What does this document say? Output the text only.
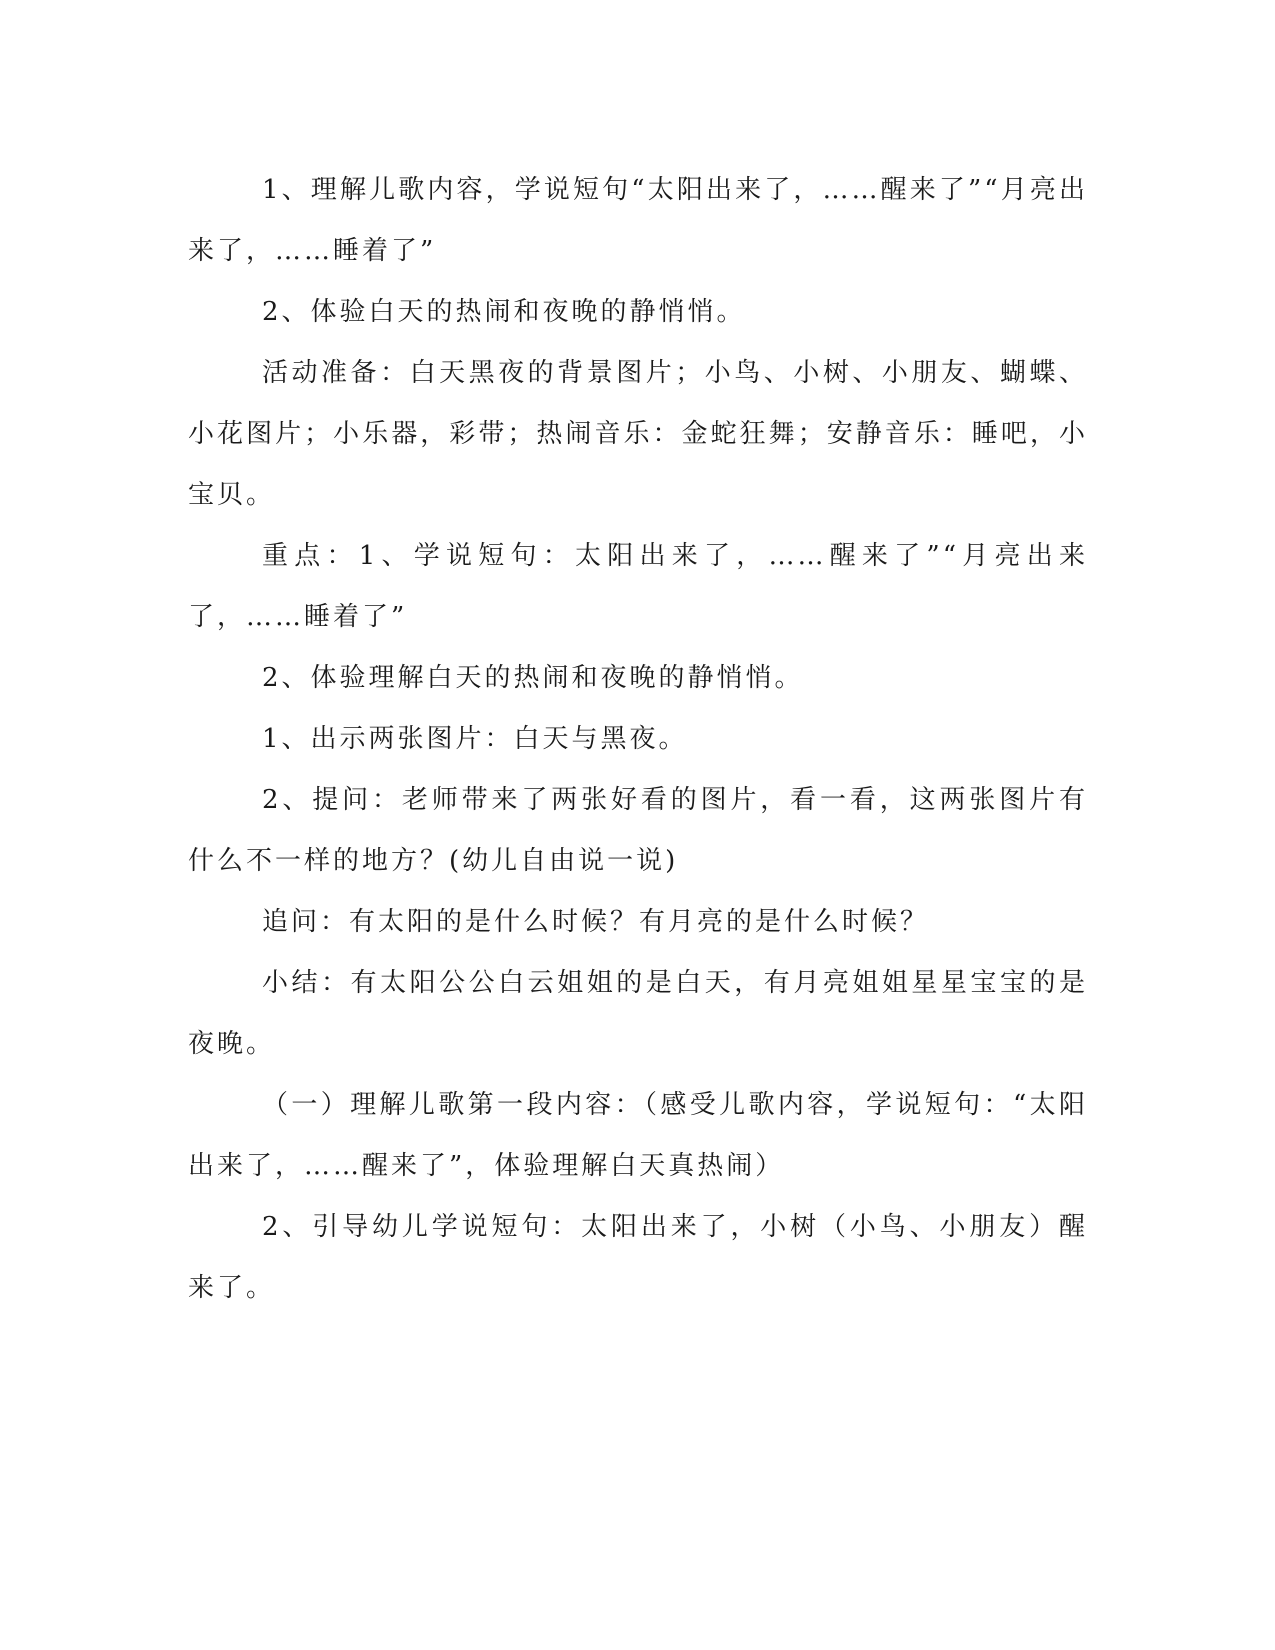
1、理解儿歌内容，学说短句“太阳出来了，……醒来了”“月亮出来了，……睡着了”

2、体验白天的热闹和夜晚的静悄悄。

活动准备：白天黑夜的背景图片；小鸟、小树、小朋友、蝴蝶、小花图片；小乐器，彩带；热闹音乐：金蛇狂舞；安静音乐：睡吧，小宝贝。

重点：1、学说短句：太阳出来了，……醒来了”“月亮出来了，……睡着了”

2、体验理解白天的热闹和夜晚的静悄悄。

1、出示两张图片：白天与黑夜。

2、提问：老师带来了两张好看的图片，看一看，这两张图片有什么不一样的地方？(幼儿自由说一说)

追问：有太阳的是什么时候？有月亮的是什么时候？

小结：有太阳公公白云姐姐的是白天，有月亮姐姐星星宝宝的是夜晚。

（一）理解儿歌第一段内容：（感受儿歌内容，学说短句：“太阳出来了，……醒来了”，体验理解白天真热闹）

2、引导幼儿学说短句：太阳出来了，小树（小鸟、小朋友）醒来了。
